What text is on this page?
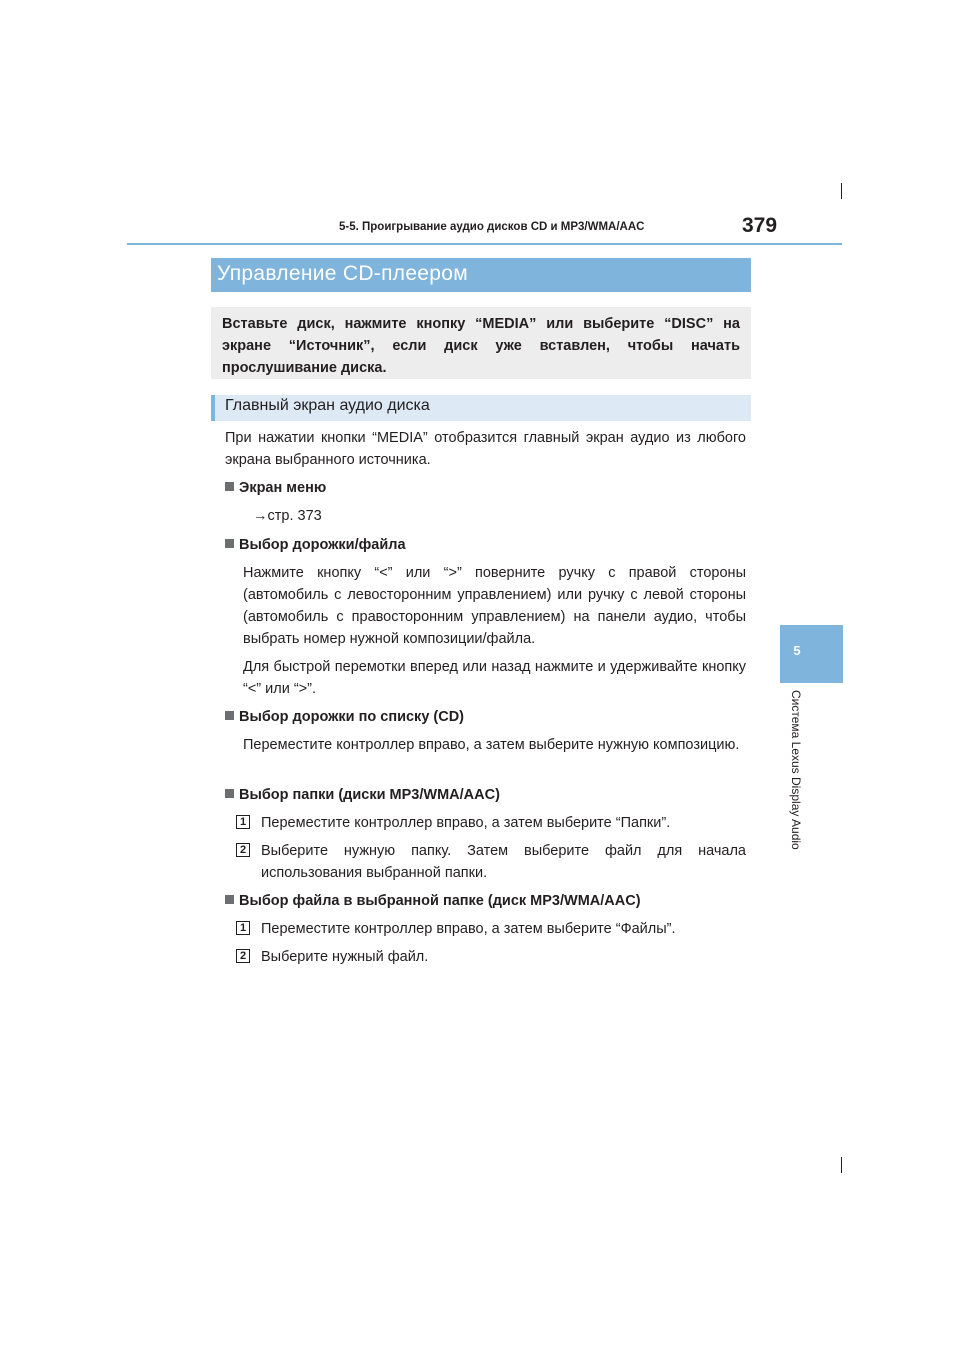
5-5. Проигрывание аудио дисков CD и MP3/WMA/AAC	379
5
Система Lexus Display Audio
Управление CD-плеером

Вставьте диск, нажмите кнопку “MEDIA” или выберите “DISC” на экране “Источник”, если диск уже вставлен, чтобы начать прослушивание диска.

Главный экран аудио диска

При нажатии кнопки “MEDIA” отобразится главный экран аудио из любого экрана выбранного источника.

Экран меню

→стр. 373

Выбор дорожки/файла

Нажмите кнопку “<” или “>” поверните ручку с правой стороны (автомобиль с левосторонним управлением) или ручку с левой стороны (автомобиль с правосторонним управлением) на панели аудио, чтобы выбрать номер нужной композиции/файла.

Для быстрой перемотки вперед или назад нажмите и удерживайте кнопку “<” или “>”.

Выбор дорожки по списку (CD)

Переместите контроллер вправо, а затем выберите нужную композицию.

Выбор папки (диски MP3/WMA/AAC)
1 Переместите контроллер вправо, а затем выберите “Папки”.

2 Выберите нужную папку. Затем выберите файл для начала использования выбранной папки.

Выбор файла в выбранной папке (диск MP3/WMA/AAC)
1 Переместите контроллер вправо, а затем выберите “Файлы”.

2 Выберите нужный файл.
